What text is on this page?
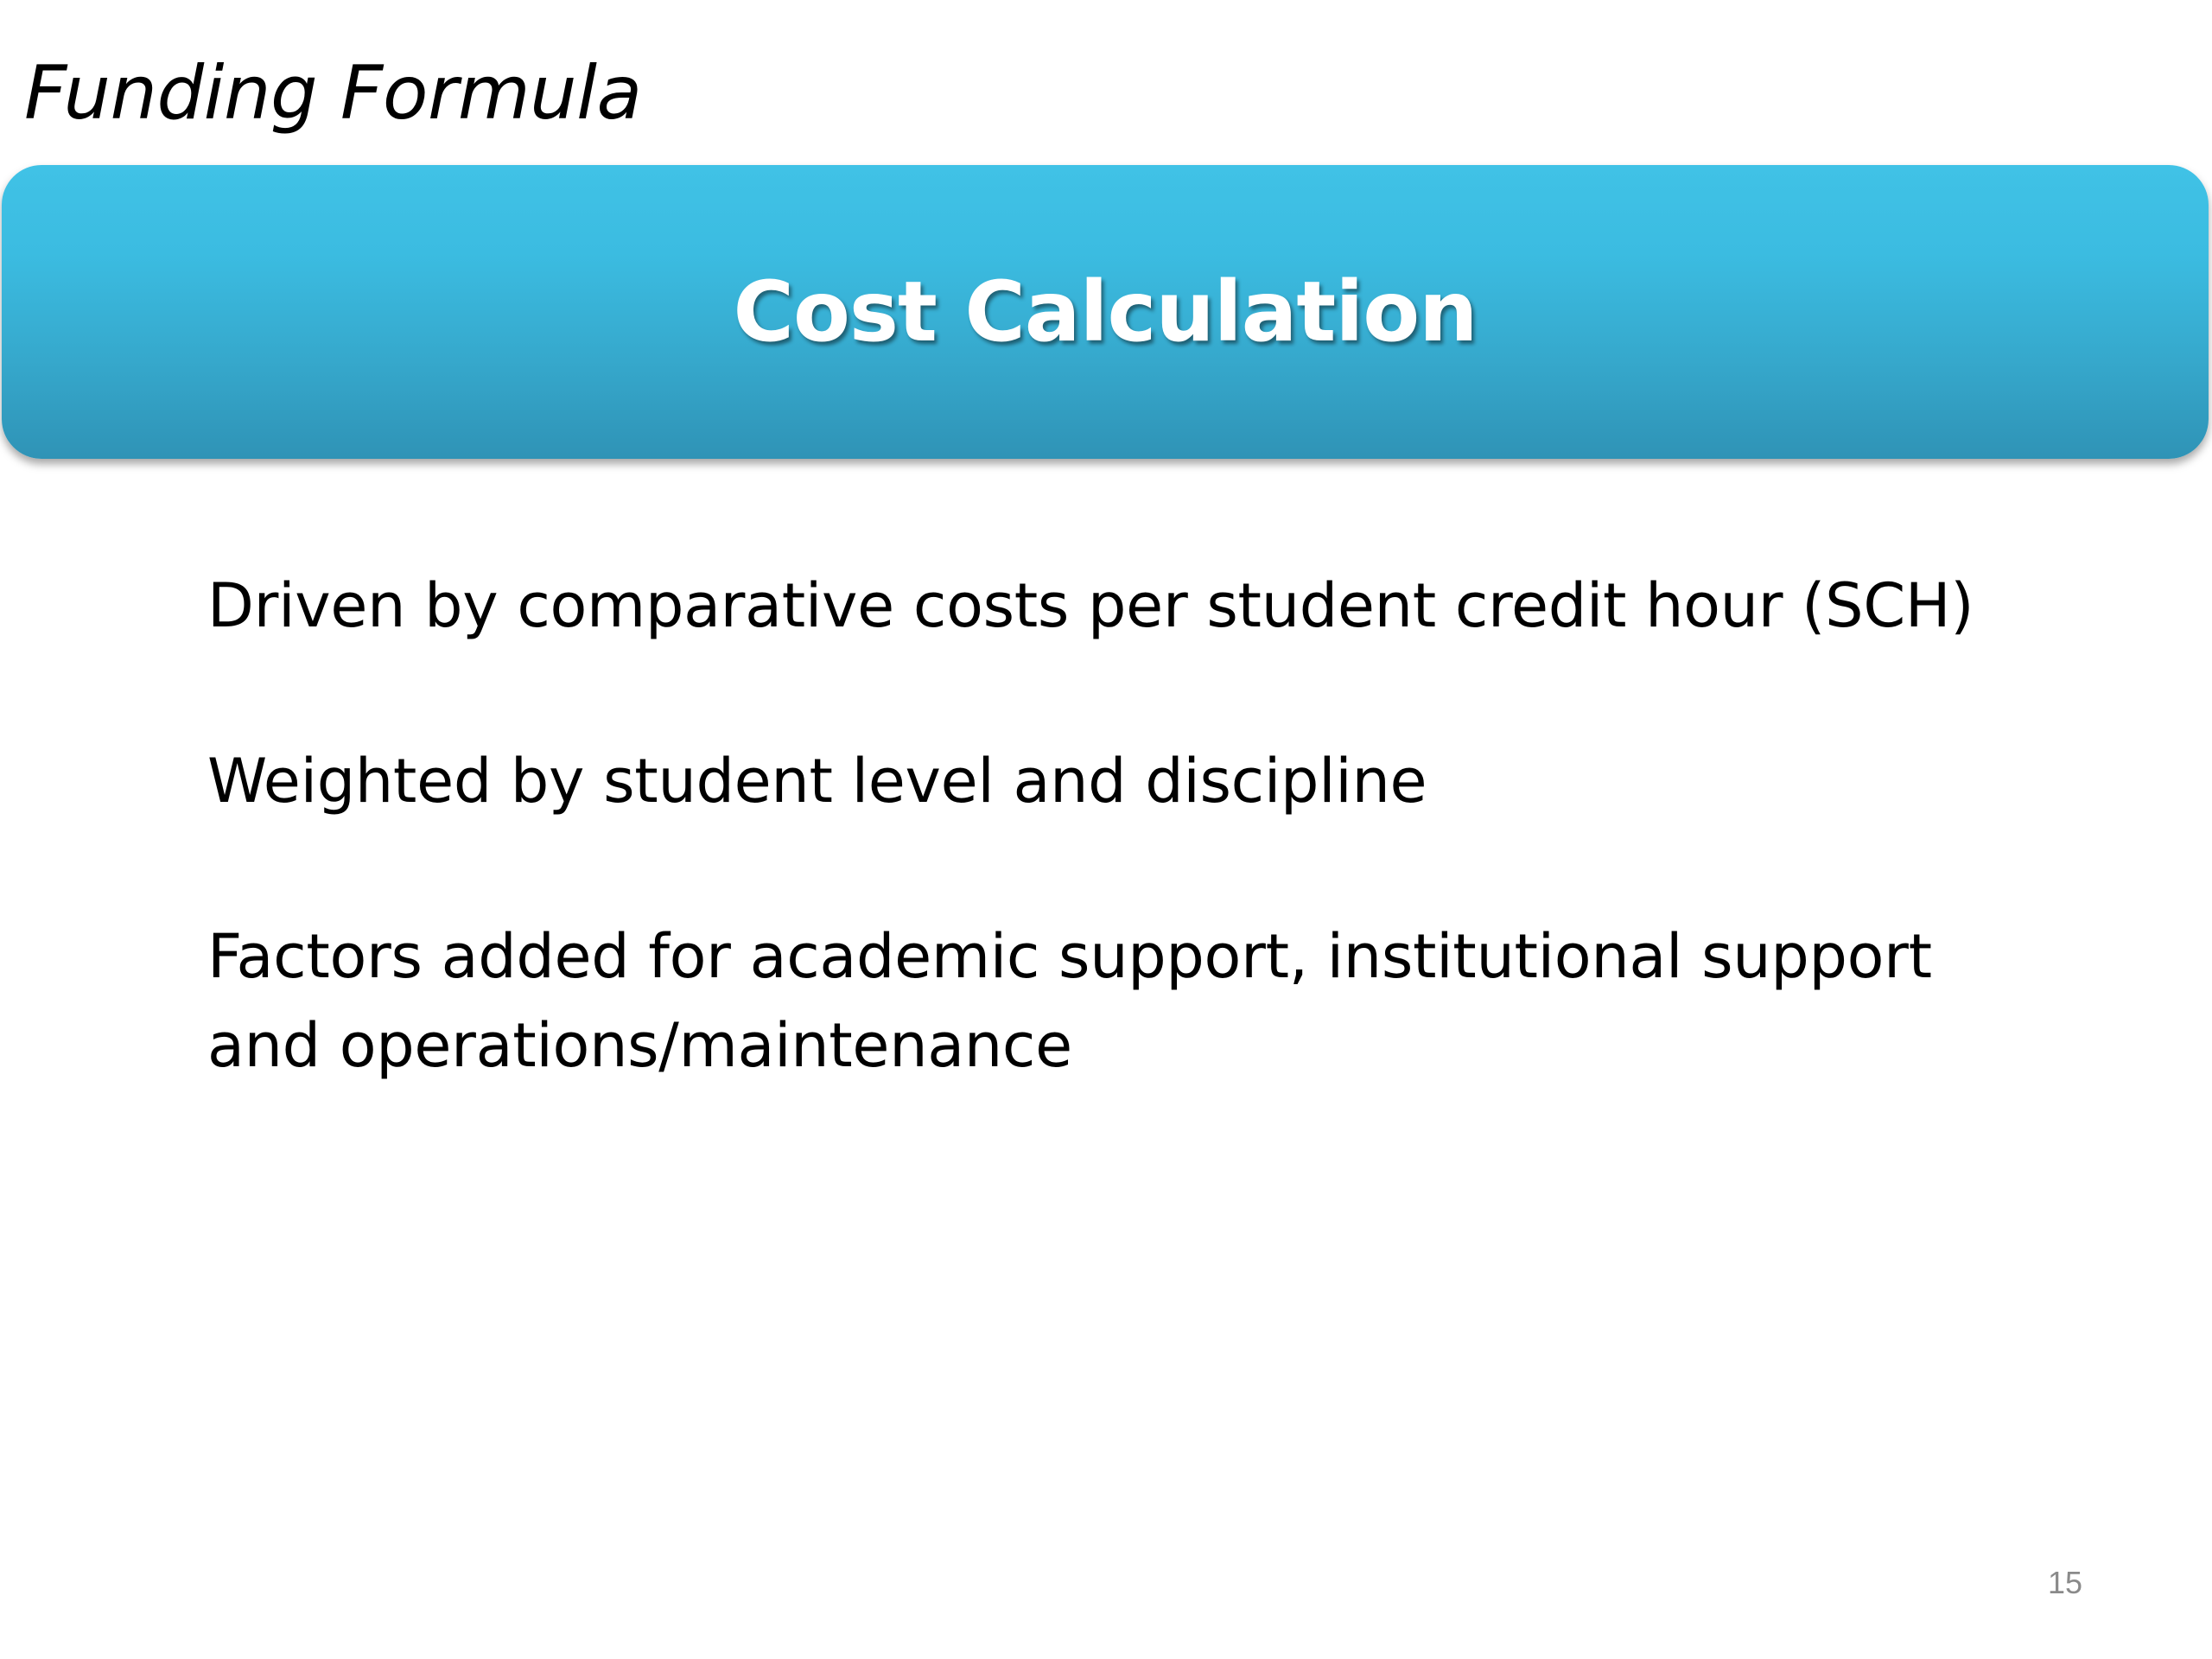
Funding Formula
Cost Calculation
Driven by comparative costs per student credit hour (SCH)
Weighted by student level and discipline
Factors added for academic support, institutional support and operations/maintenance
15
